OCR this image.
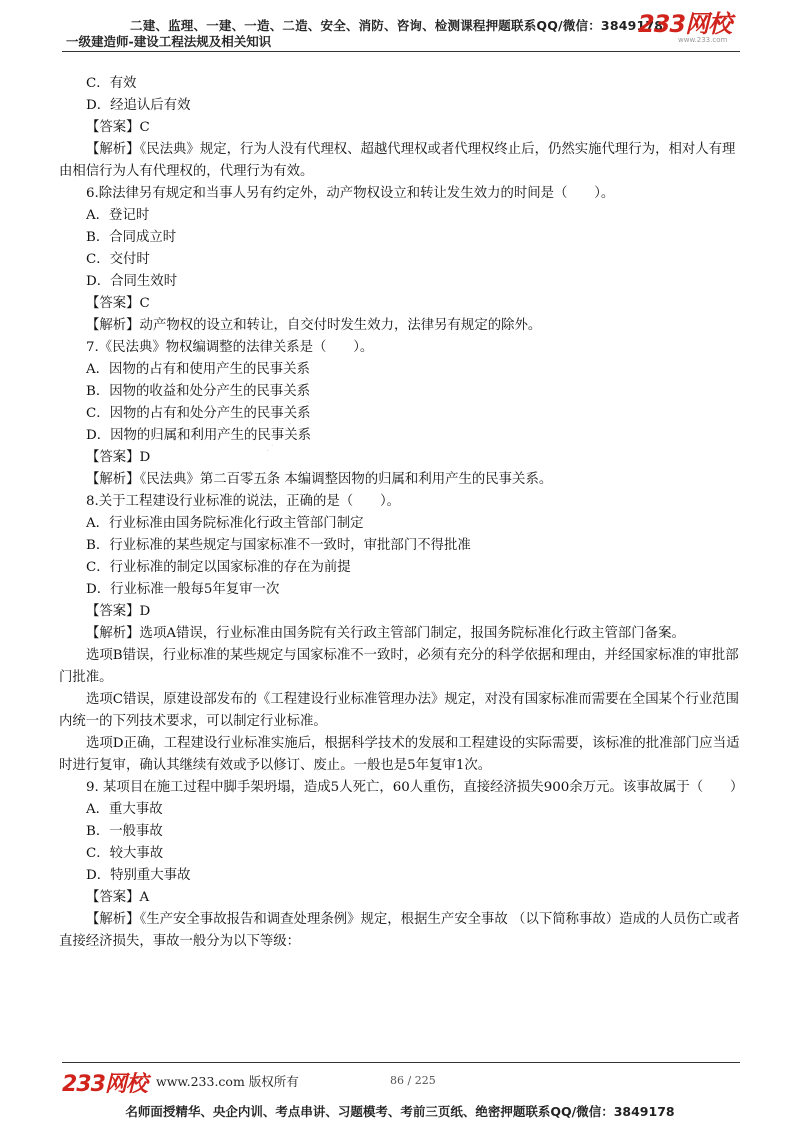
二建、监理、一建、一造、二造、安全、消防、咨询、检测课程押题联系QQ/微信：3849178
一级建造师-建设工程法规及相关知识
233网校
www.233.com
· · · · · · · · · ·

C．有效

D．经追认后有效

【答案】C

【解析】《民法典》规定，行为人没有代理权、超越代理权或者代理权终止后，仍然实施代理行为，相对人有理由相信行为人有代理权的，代理行为有效。

6.除法律另有规定和当事人另有约定外，动产物权设立和转让发生效力的时间是（　　）。

A．登记时

B．合同成立时

C．交付时

D．合同生效时

【答案】C

【解析】动产物权的设立和转让，自交付时发生效力，法律另有规定的除外。

7.《民法典》物权编调整的法律关系是（　　）。

A．因物的占有和使用产生的民事关系

B．因物的收益和处分产生的民事关系

C．因物的占有和处分产生的民事关系

D．因物的归属和利用产生的民事关系

【答案】D

【解析】《民法典》第二百零五条 本编调整因物的归属和利用产生的民事关系。

8.关于工程建设行业标准的说法，正确的是（　　）。

A．行业标准由国务院标准化行政主管部门制定

B．行业标准的某些规定与国家标准不一致时，审批部门不得批准

C．行业标准的制定以国家标准的存在为前提

D．行业标准一般每5年复审一次

【答案】D

【解析】选项A错误，行业标准由国务院有关行政主管部门制定，报国务院标准化行政主管部门备案。

选项B错误，行业标准的某些规定与国家标准不一致时，必须有充分的科学依据和理由，并经国家标准的审批部门批准。

选项C错误，原建设部发布的《工程建设行业标准管理办法》规定，对没有国家标准而需要在全国某个行业范围内统一的下列技术要求，可以制定行业标准。

选项D正确，工程建设行业标准实施后，根据科学技术的发展和工程建设的实际需要，该标准的批准部门应当适时进行复审，确认其继续有效或予以修订、废止。一般也是5年复审1次。

9. 某项目在施工过程中脚手架坍塌，造成5人死亡，60人重伤，直接经济损失900余万元。该事故属于（　　）

A．重大事故

B．一般事故

C．较大事故

D．特别重大事故

【答案】A

【解析】《生产安全事故报告和调查处理条例》规定，根据生产安全事故 （以下简称事故）造成的人员伤亡或者直接经济损失，事故一般分为以下等级：

233网校 www.233.com 版权所有	86 / 225
名师面授精华、央企内训、考点串讲、习题模考、考前三页纸、绝密押题联系QQ/微信：3849178
